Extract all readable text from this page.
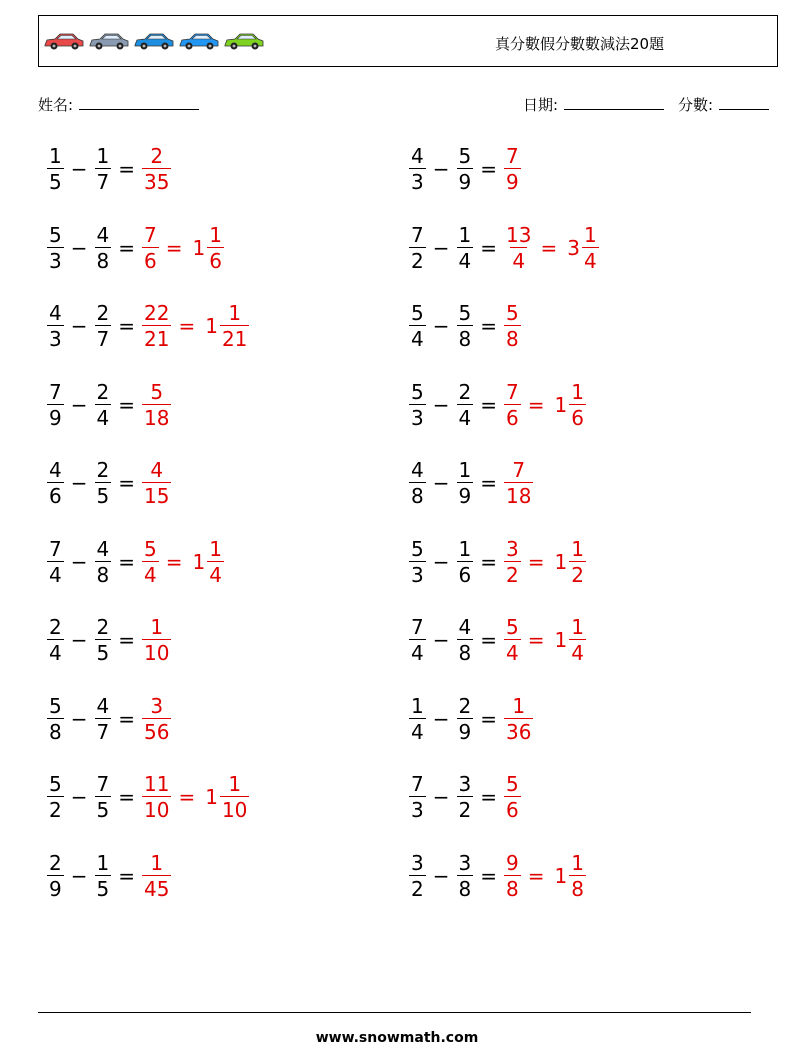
真分數假分數數減法20題
姓名:	日期:	分數:
$\frac{1}{5} - \frac{1}{7} = \frac{2}{35}$	$\frac{4}{3} - \frac{5}{9} = \frac{7}{9}$
$\frac{5}{3} - \frac{4}{8} = \frac{7}{6} = 1 \frac{1}{6}$	$\frac{7}{2} - \frac{1}{4} = \frac{13}{4} = 3 \frac{1}{4}$
$\frac{4}{3} - \frac{2}{7} = \frac{22}{21} = 1 \frac{1}{21}$	$\frac{5}{4} - \frac{5}{8} = \frac{5}{8}$
$\frac{7}{9} - \frac{2}{4} = \frac{5}{18}$	$\frac{5}{3} - \frac{2}{4} = \frac{7}{6} = 1 \frac{1}{6}$
$\frac{4}{6} - \frac{2}{5} = \frac{4}{15}$	$\frac{4}{8} - \frac{1}{9} = \frac{7}{18}$
$\frac{7}{4} - \frac{4}{8} = \frac{5}{4} = 1 \frac{1}{4}$	$\frac{5}{3} - \frac{1}{6} = \frac{3}{2} = 1 \frac{1}{2}$
$\frac{2}{4} - \frac{2}{5} = \frac{1}{10}$	$\frac{7}{4} - \frac{4}{8} = \frac{5}{4} = 1 \frac{1}{4}$
$\frac{5}{8} - \frac{4}{7} = \frac{3}{56}$	$\frac{1}{4} - \frac{2}{9} = \frac{1}{36}$
$\frac{5}{2} - \frac{7}{5} = \frac{11}{10} = 1 \frac{1}{10}$	$\frac{7}{3} - \frac{3}{2} = \frac{5}{6}$
$\frac{2}{9} - \frac{1}{5} = \frac{1}{45}$	$\frac{3}{2} - \frac{3}{8} = \frac{9}{8} = 1 \frac{1}{8}$
www.snowmath.com
